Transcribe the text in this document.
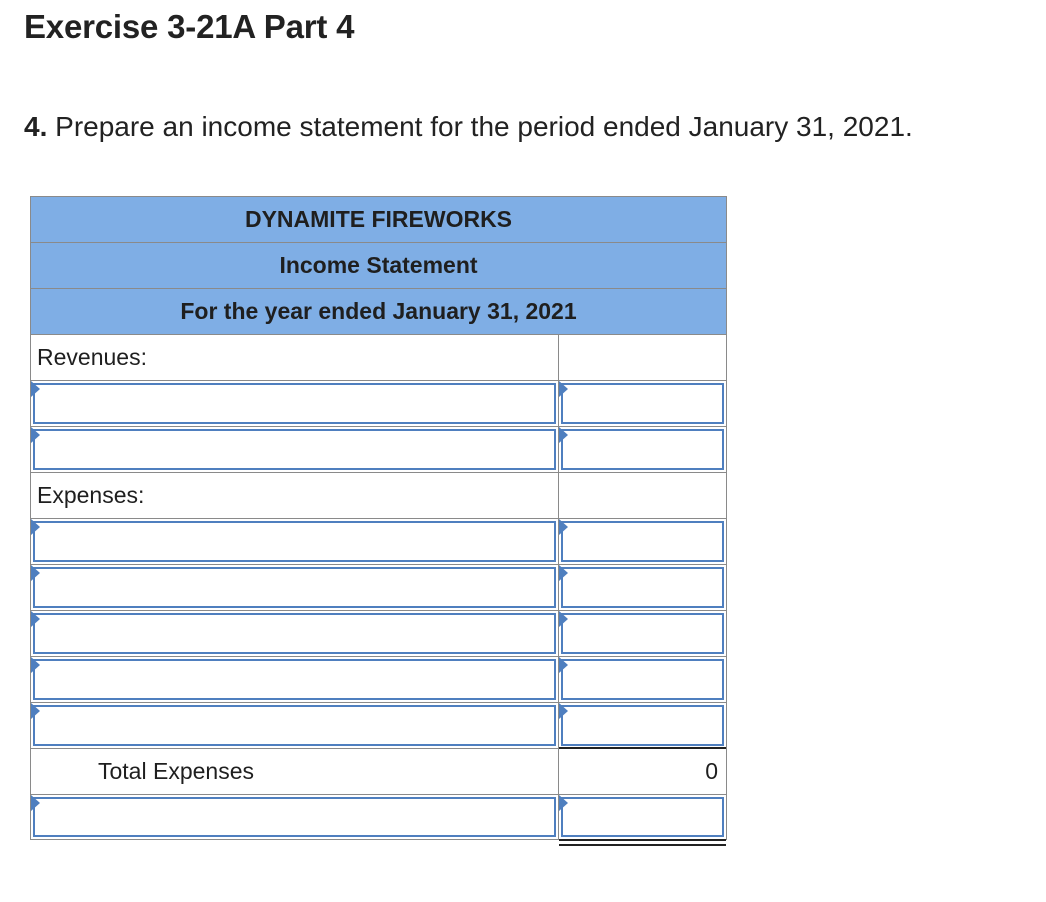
Exercise 3-21A Part 4
4. Prepare an income statement for the period ended January 31, 2021.
DYNAMITE FIREWORKS
Income Statement
For the year ended January 31, 2021
Revenues:
Expenses:
Total Expenses	0
